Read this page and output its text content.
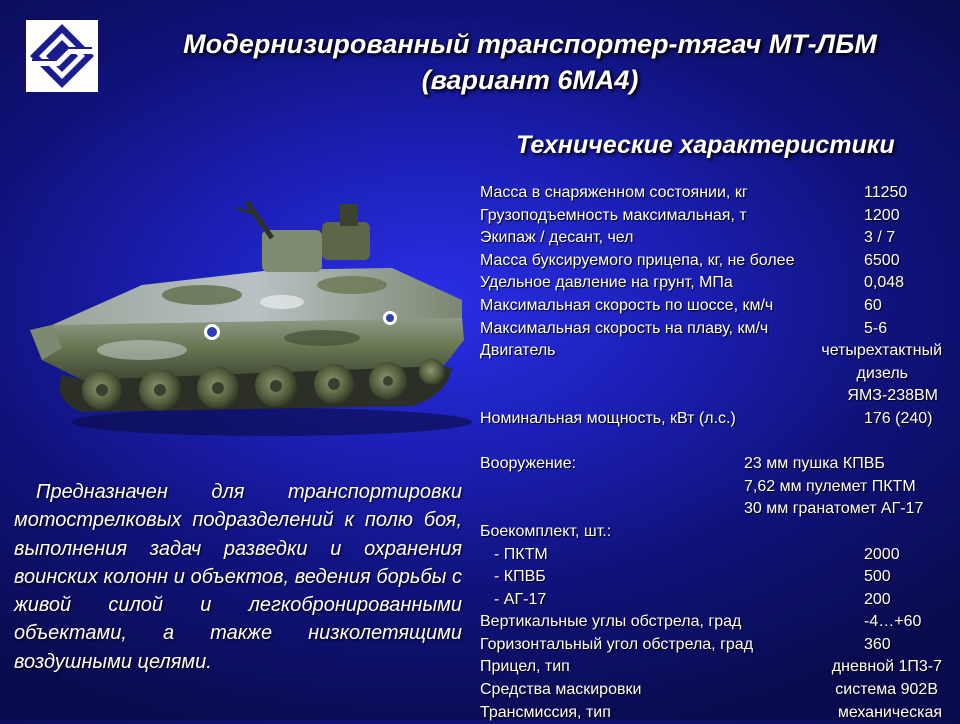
Модернизированный транспортер-тягач МТ-ЛБМ
(вариант 6МА4)
Технические характеристики
Предназначен для транспортировки мотострелковых подразделений к полю боя, выполнения задач разведки и охранения воинских колонн и объектов, ведения борьбы с живой силой и легкобронированными объектами, а также низколетящими воздушными целями.
Масса в снаряженном состоянии, кг	11250
Грузоподъемность максимальная, т	1200
Экипаж / десант, чел	3 / 7
Масса буксируемого прицепа, кг, не более	6500
Удельное давление на грунт, МПа	0,048
Максимальная скорость по шоссе, км/ч	60
Максимальная скорость на плаву, км/ч	5-6
Двигатель	четырехтактный
дизель
ЯМЗ-238ВМ
Номинальная мощность, кВт (л.с.)	176 (240)
Вооружение:	23 мм пушка КПВБ
7,62 мм пулемет ПКТМ
30 мм гранатомет АГ-17
Боекомплект, шт.:
- ПКТМ	2000
- КПВБ	500
- АГ-17	200
Вертикальные углы обстрела, град	-4…+60
Горизонтальный угол обстрела, град	360
Прицел, тип	дневной 1П3-7
Средства маскировки	система 902В
Трансмиссия, тип	механическая
